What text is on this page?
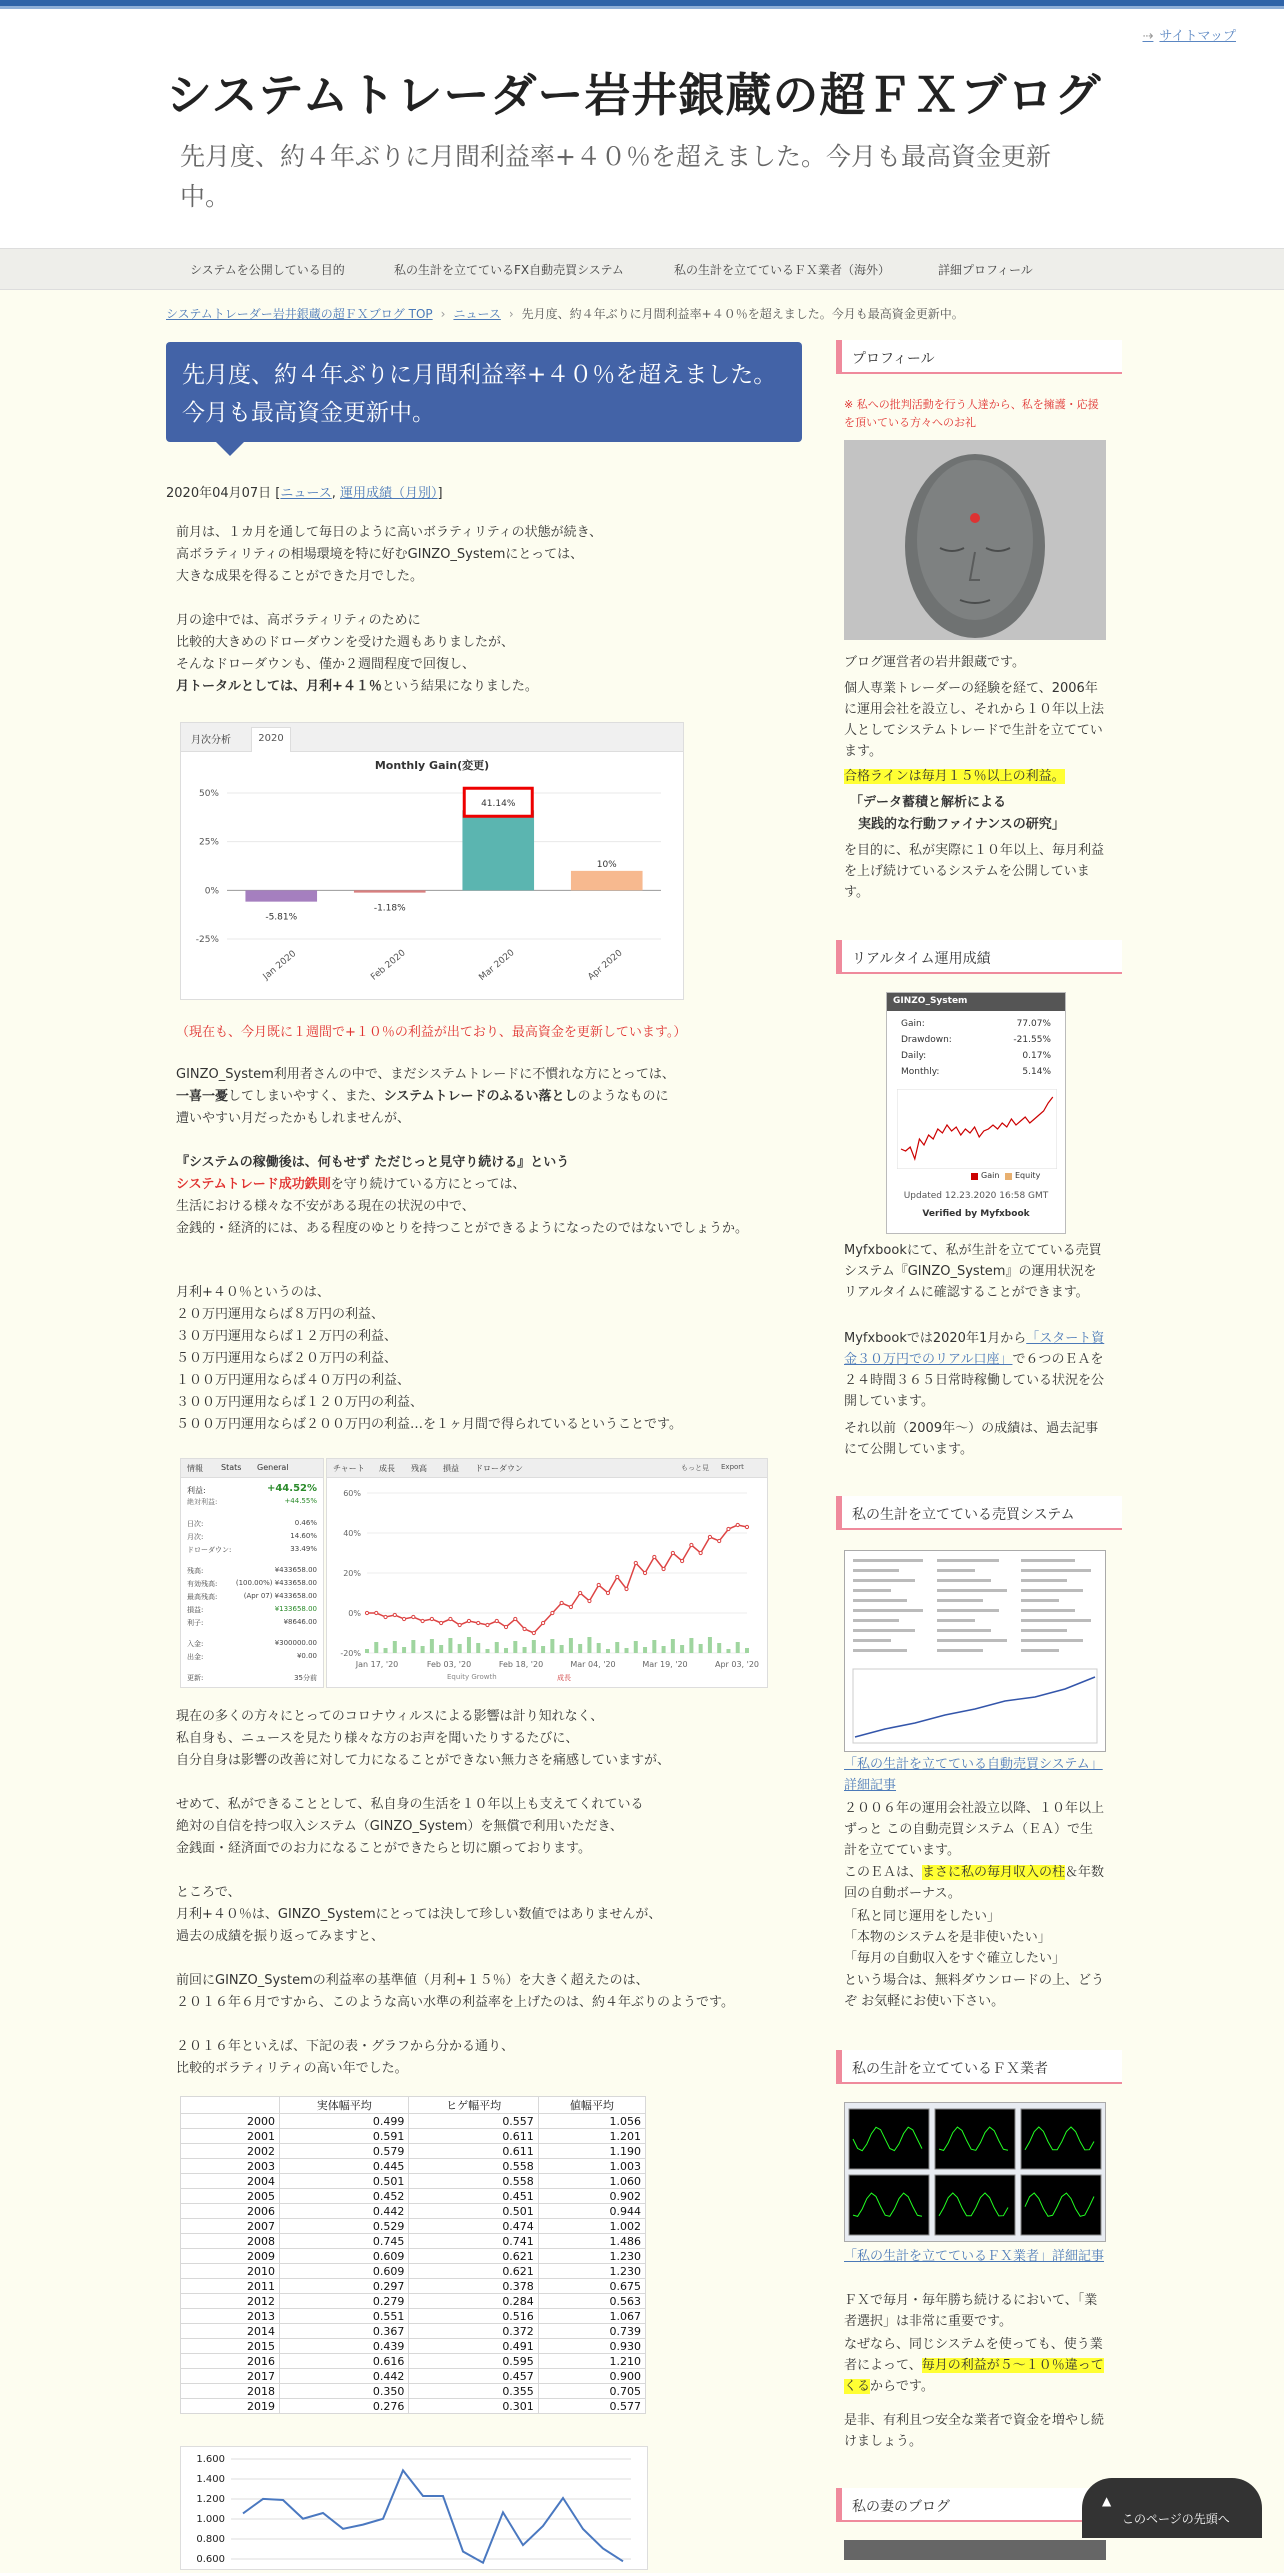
⇢ サイトマップ
システムトレーダー岩井銀蔵の超ＦＸブログ
先月度、約４年ぶりに月間利益率+４０％を超えました。今月も最高資金更新中。
システムを公開している目的	私の生計を立てているFX自動売買システム	私の生計を立てているＦＸ業者（海外）	詳細プロフィール
システムトレーダー岩井銀蔵の超ＦＸブログ TOP › ニュース › 先月度、約４年ぶりに月間利益率+４０％を超えました。今月も最高資金更新中。
先月度、約４年ぶりに月間利益率+４０％を超えました。今月も最高資金更新中。
2020年04月07日 [ニュース, 運用成績（月別）]

前月は、１カ月を通して毎日のように高いボラティリティの状態が続き、

高ボラティリティの相場環境を特に好むGINZO_Systemにとっては、

大きな成果を得ることができた月でした。

月の途中では、高ボラティリティのために

比較的大きめのドローダウンを受けた週もありましたが、

そんなドローダウンも、僅か２週間程度で回復し、

月トータルとしては、月利+４１％という結果になりました。

月次分析	2020
Monthly Gain(変更)
50%
25%
0%
-25%
-5.81%
Jan 2020
-1.18%
Feb 2020
41.14%
Mar 2020
10%
Apr 2020
（現在も、今月既に１週間で+１０％の利益が出ており、最高資金を更新しています。）

GINZO_System利用者さんの中で、まだシステムトレードに不慣れな方にとっては、

一喜一憂してしまいやすく、また、システムトレードのふるい落としのようなものに

遭いやすい月だったかもしれませんが、

『システムの稼働後は、何もせず ただじっと見守り続ける』という

システムトレード成功鉄則を守り続けている方にとっては、

生活における様々な不安がある現在の状況の中で、

金銭的・経済的には、ある程度のゆとりを持つことができるようになったのではないでしょうか。

月利+４０％というのは、

２０万円運用ならば８万円の利益、

３０万円運用ならば１２万円の利益、

５０万円運用ならば２０万円の利益、

１００万円運用ならば４０万円の利益、

３００万円運用ならば１２０万円の利益、

５００万円運用ならば２００万円の利益…を１ヶ月間で得られているということです。

情報 Stats General
利益:	+44.52%
絶対利益:	+44.55%
日次:	0.46%
月次:	14.60%
ドローダウン:	33.49%
残高:	¥433658.00
有効残高:	(100.00%) ¥433658.00
最高残高:	(Apr 07) ¥433658.00
損益:	¥133658.00
利子:	¥8646.00
入金:	¥300000.00
出金:	¥0.00
更新:	35分前
チャート 成長 残高 損益 ドローダウン	もっと見 Export
60%
40%
20%
0%
-20%
Jan 17, '20	Feb 03, '20	Feb 18, '20	Mar 04, '20	Mar 19, '20	Apr 03, '20
Equity Growth	成長

現在の多くの方々にとってのコロナウィルスによる影響は計り知れなく、

私自身も、ニュースを見たり様々な方のお声を聞いたりするたびに、

自分自身は影響の改善に対して力になることができない無力さを痛感していますが、

せめて、私ができることとして、私自身の生活を１０年以上も支えてくれている

絶対の自信を持つ収入システム（GINZO_System）を無償で利用いただき、

金銭面・経済面でのお力になることができたらと切に願っております。

ところで、

月利+４０％は、GINZO_Systemにとっては決して珍しい数値ではありませんが、

過去の成績を振り返ってみますと、

前回にGINZO_Systemの利益率の基準値（月利+１５％）を大きく超えたのは、

２０１６年６月ですから、このような高い水準の利益率を上げたのは、約４年ぶりのようです。

２０１６年といえば、下記の表・グラフから分かる通り、

比較的ボラティリティの高い年でした。

	実体幅平均	ヒゲ幅平均	値幅平均
2000	0.499	0.557	1.056
2001	0.591	0.611	1.201
2002	0.579	0.611	1.190
2003	0.445	0.558	1.003
2004	0.501	0.558	1.060
2005	0.452	0.451	0.902
2006	0.442	0.501	0.944
2007	0.529	0.474	1.002
2008	0.745	0.741	1.486
2009	0.609	0.621	1.230
2010	0.609	0.621	1.230
2011	0.297	0.378	0.675
2012	0.279	0.284	0.563
2013	0.551	0.516	1.067
2014	0.367	0.372	0.739
2015	0.439	0.491	0.930
2016	0.616	0.595	1.210
2017	0.442	0.457	0.900
2018	0.350	0.355	0.705
2019	0.276	0.301	0.577
1.600
1.400
1.200
1.000
0.800
0.600
プロフィール
※ 私への批判活動を行う人達から、私を擁護・応援を頂いている方々へのお礼
ブログ運営者の岩井銀蔵です。
個人専業トレーダーの経験を経て、2006年に運用会社を設立し、それから１０年以上法人としてシステムトレードで生計を立てています。
合格ラインは毎月１５％以上の利益。
「データ蓄積と解析による
実践的な行動ファイナンスの研究」
を目的に、私が実際に１０年以上、毎月利益を上げ続けているシステムを公開しています。
リアルタイム運用成績
GINZO_System
Gain:	77.07%
Drawdown:	-21.55%
Daily:	0.17%
Monthly:	5.14%
Gain Equity
Updated 12.23.2020 16:58 GMT
Verified by Myfxbook
Myfxbookにて、私が生計を立てている売買システム『GINZO_System』の運用状況をリアルタイムに確認することができます。
Myfxbookでは2020年1月から「スタート資金３０万円でのリアル口座」で６つのＥＡを２４時間３６５日常時稼働している状況を公開しています。
それ以前（2009年～）の成績は、過去記事にて公開しています。
私の生計を立てている売買システム
「私の生計を立てている自動売買システム」詳細記事
２００６年の運用会社設立以降、１０年以上ずっと この自動売買システム（ＥＡ）で生計を立てています。
このＥＡは、まさに私の毎月収入の柱＆年数回の自動ボーナス。

「私と同じ運用をしたい」

「本物のシステムを是非使いたい」

「毎月の自動収入をすぐ確立したい」

という場合は、無料ダウンロードの上、どうぞ お気軽にお使い下さい。
私の生計を立てているＦＸ業者
「私の生計を立てているＦＸ業者」詳細記事
ＦＸで毎月・毎年勝ち続けるにおいて、「業者選択」は非常に重要です。
なぜなら、同じシステムを使っても、使う業者によって、毎月の利益が５～１０％違ってくるからです。
是非、有利且つ安全な業者で資金を増やし続けましょう。
私の妻のブログ	▲
このページの先頭へ
